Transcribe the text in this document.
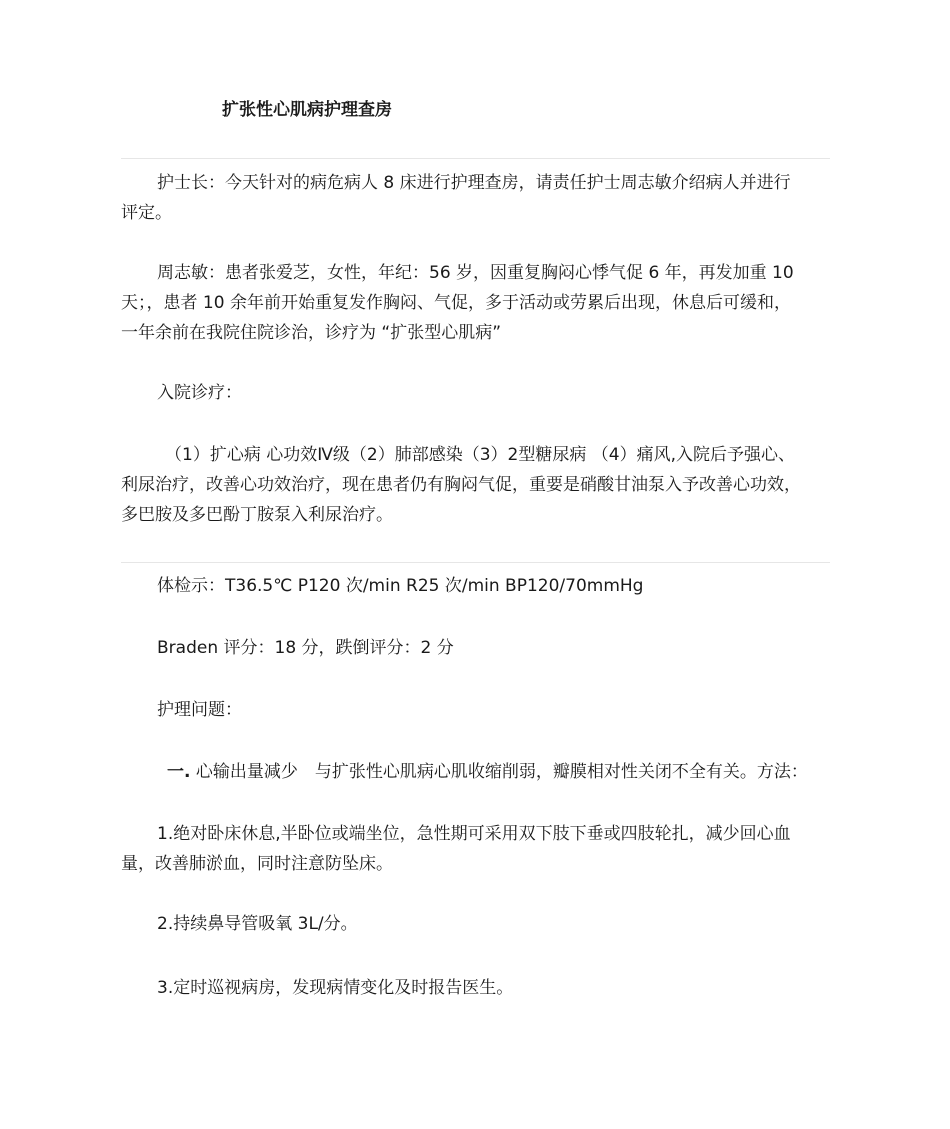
扩张性心肌病护理查房
护士长：今天针对的病危病人 8 床进行护理查房，请责任护士周志敏介绍病人并进行
评定。
周志敏：患者张爱芝，女性，年纪：56 岁，因重复胸闷心悸气促 6 年，再发加重 10
天；，患者 10 余年前开始重复发作胸闷、气促，多于活动或劳累后出现，休息后可缓和，
一年余前在我院住院诊治，诊疗为 “扩张型心肌病”
入院诊疗：
（1）扩心病 心功效Ⅳ级（2）肺部感染（3）2型糖尿病 （4）痛风,入院后予强心、
利尿治疗，改善心功效治疗，现在患者仍有胸闷气促，重要是硝酸甘油泵入予改善心功效，
多巴胺及多巴酚丁胺泵入利尿治疗。
体检示：T36.5℃ P120 次/min R25 次/min BP120/70mmHg
Braden 评分：18 分，跌倒评分：2 分
护理问题：
一. 心输出量减少　与扩张性心肌病心肌收缩削弱，瓣膜相对性关闭不全有关。方法：
1.绝对卧床休息,半卧位或端坐位，急性期可采用双下肢下垂或四肢轮扎，减少回心血
量，改善肺淤血，同时注意防坠床。
2.持续鼻导管吸氧 3L/分。
3.定时巡视病房，发现病情变化及时报告医生。
